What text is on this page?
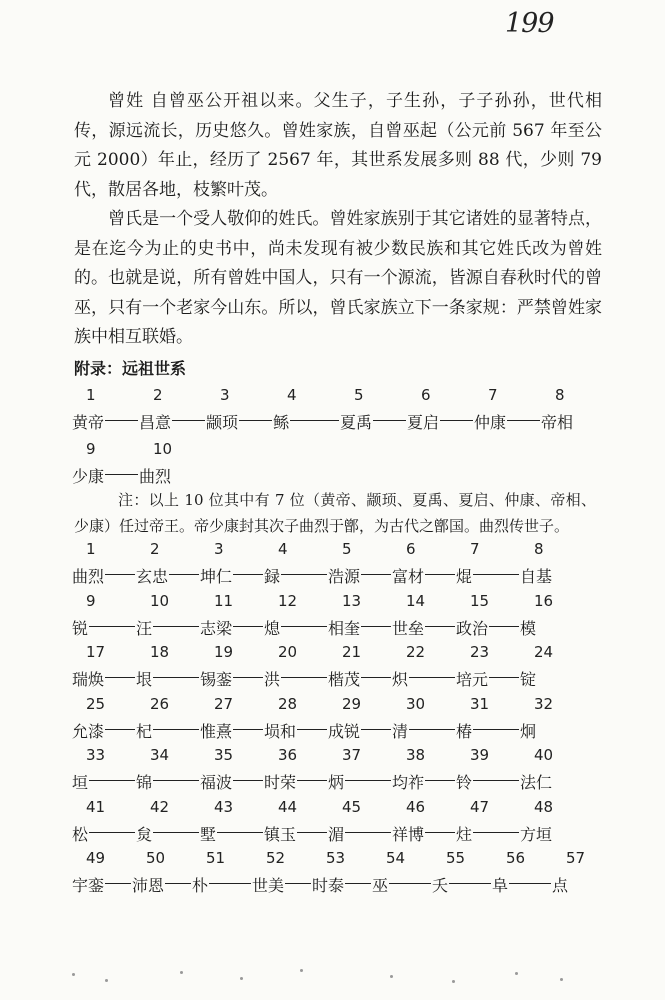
199

曾姓 自曾巫公开祖以来。父生子，子生孙，子子孙孙，世代相传，源远流长，历史悠久。曾姓家族，自曾巫起（公元前 567 年至公元 2000）年止，经历了 2567 年，其世系发展多则 88 代，少则 79 代，散居各地，枝繁叶茂。

曾氏是一个受人敬仰的姓氏。曾姓家族别于其它诸姓的显著特点，是在迄今为止的史书中，尚未发现有被少数民族和其它姓氏改为曾姓的。也就是说，所有曾姓中国人，只有一个源流，皆源自春秋时代的曾巫，只有一个老家今山东。所以，曾氏家族立下一条家规：严禁曾姓家族中相互联婚。

附录：远祖世系
1
黄帝
2
昌意
3
颛顼
4
鲧
5
夏禹
6
夏启
7
仲康
8
帝相
9
少康
10
曲烈

注：以上 10 位其中有 7 位（黄帝、颛顼、夏禹、夏启、仲康、帝相、少康）任过帝王。帝少康封其次子曲烈于鄫，为古代之鄫国。曲烈传世子。

1
曲烈
2
玄忠
3
坤仁
4
録
5
浩源
6
富材
7
焜
8
自基
9
锐
10
汪
11
志梁
12
熄
13
相奎
14
世垒
15
政治
16
模
17
瑞焕
18
垠
19
锡銮
20
洪
21
楷茂
22
炽
23
培元
24
锭
25
允漆
26
杞
27
惟熹
28
埙和
29
成锐
30
清
31
椿
32
炯
33
垣
34
锦
35
福波
36
时荣
37
炳
38
均祚
39
铃
40
法仁
41
松
42
炱
43
墅
44
镇玉
45
湄
46
祥博
47
炷
48
方垣
49
宇銮
50
沛恩
51
朴
52
世美
53
时泰
54
巫
55
夭
56
阜
57
点
